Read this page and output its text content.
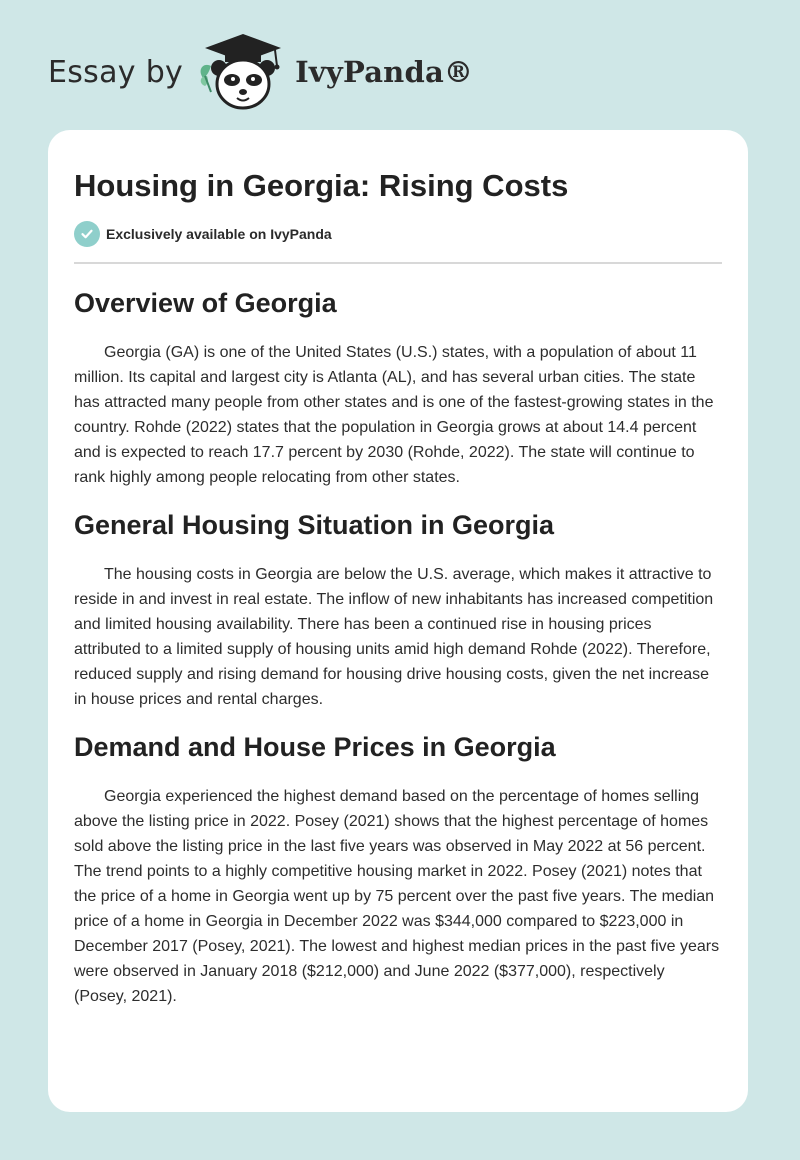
Essay by	IvyPanda®
Housing in Georgia: Rising Costs
Exclusively available on IvyPanda
Overview of Georgia

Georgia (GA) is one of the United States (U.S.) states, with a population of about 11 million. Its capital and largest city is Atlanta (AL), and has several urban cities. The state has attracted many people from other states and is one of the fastest-growing states in the country. Rohde (2022) states that the population in Georgia grows at about 14.4 percent and is expected to reach 17.7 percent by 2030 (Rohde, 2022). The state will continue to rank highly among people relocating from other states.

General Housing Situation in Georgia

The housing costs in Georgia are below the U.S. average, which makes it attractive to reside in and invest in real estate. The inflow of new inhabitants has increased competition and limited housing availability. There has been a continued rise in housing prices attributed to a limited supply of housing units amid high demand Rohde (2022). Therefore, reduced supply and rising demand for housing drive housing costs, given the net increase in house prices and rental charges.

Demand and House Prices in Georgia

Georgia experienced the highest demand based on the percentage of homes selling above the listing price in 2022. Posey (2021) shows that the highest percentage of homes sold above the listing price in the last five years was observed in May 2022 at 56 percent. The trend points to a highly competitive housing market in 2022. Posey (2021) notes that the price of a home in Georgia went up by 75 percent over the past five years. The median price of a home in Georgia in December 2022 was $344,000 compared to $223,000 in December 2017 (Posey, 2021). The lowest and highest median prices in the past five years were observed in January 2018 ($212,000) and June 2022 ($377,000), respectively (Posey, 2021).
